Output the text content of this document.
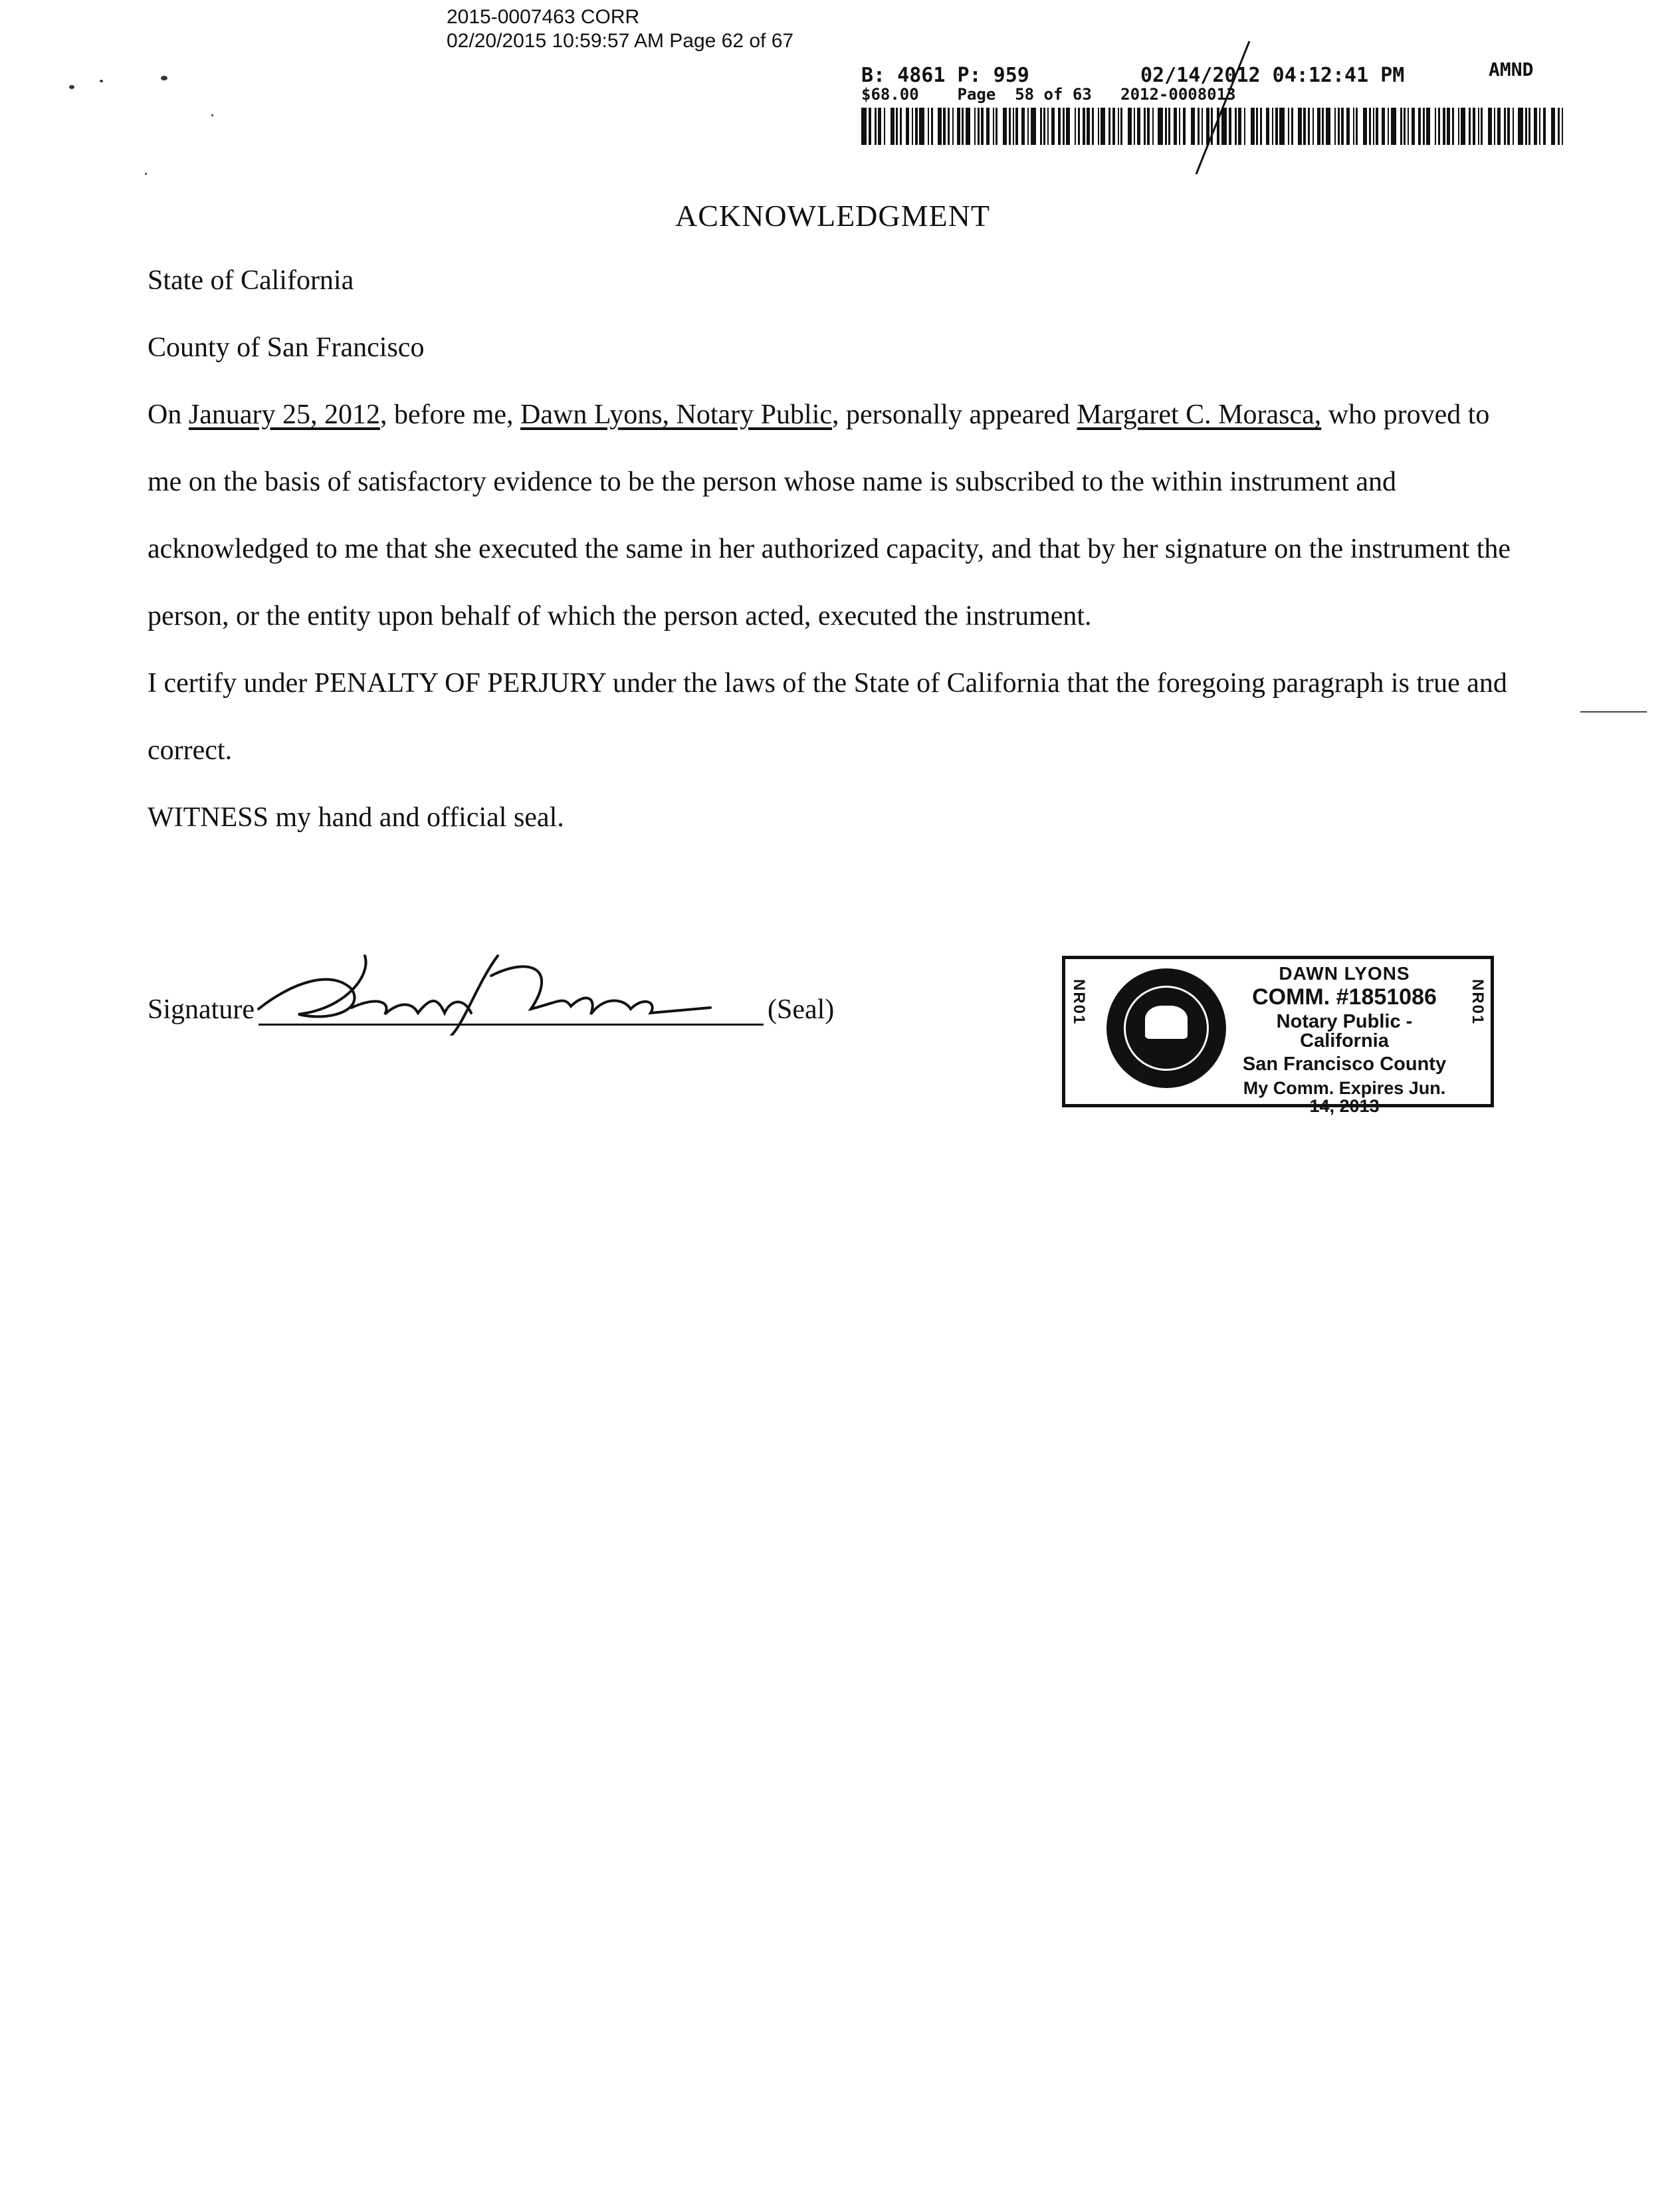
2015-0007463 CORR
02/20/2015 10:59:57 AM Page 62 of 67
B: 4861 P: 959	02/14/2012 04:12:41 PM	AMND
$68.00    Page  58 of 63   2012-0008013
ACKNOWLEDGMENT
State of California
County of San Francisco
On January 25, 2012, before me, Dawn Lyons, Notary Public, personally appeared Margaret C. Morasca, who proved to me on the basis of satisfactory evidence to be the person whose name is subscribed to the within instrument and acknowledged to me that she executed the same in her authorized capacity, and that by her signature on the instrument the person, or the entity upon behalf of which the person acted, executed the instrument.
I certify under PENALTY OF PERJURY under the laws of the State of California that the foregoing paragraph is true and correct.
WITNESS my hand and official seal.
Signature	(Seal)	NR01
DAWN LYONS
COMM. #1851086
Notary Public - California
San Francisco County
My Comm. Expires Jun. 14, 2013
NR01
